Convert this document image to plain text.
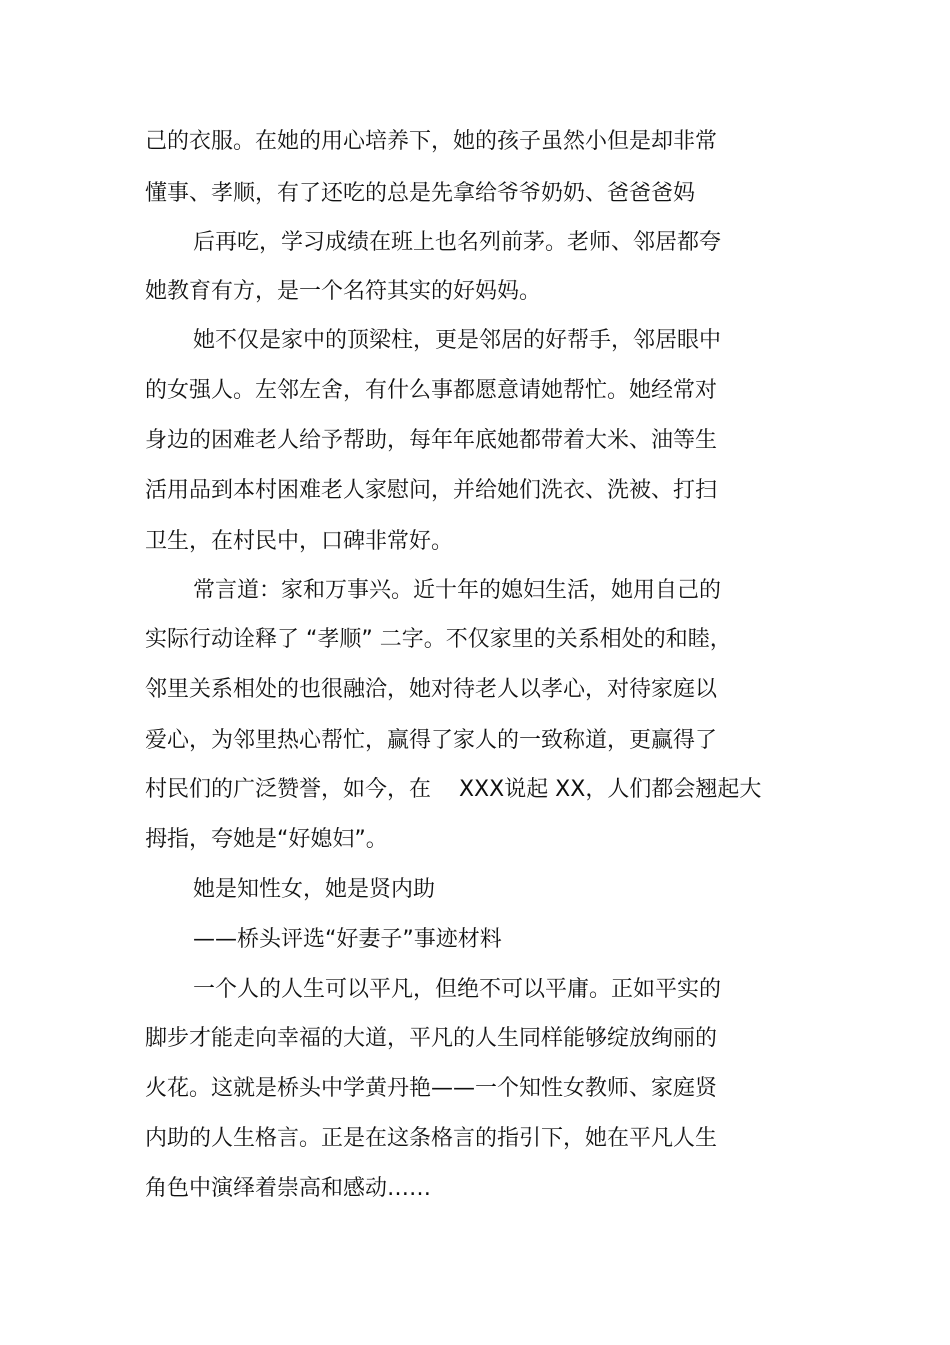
己的衣服。在她的用心培养下，她的孩子虽然小但是却非常

懂事、孝顺，有了还吃的总是先拿给爷爷奶奶、爸爸爸妈

后再吃，学习成绩在班上也名列前茅。老师、邻居都夸

她教育有方，是一个名符其实的好妈妈。

她不仅是家中的顶梁柱，更是邻居的好帮手，邻居眼中

的女强人。左邻左舍，有什么事都愿意请她帮忙。她经常对

身边的困难老人给予帮助，每年年底她都带着大米、油等生

活用品到本村困难老人家慰问，并给她们洗衣、洗被、打扫

卫生，在村民中，口碑非常好。

常言道：家和万事兴。近十年的媳妇生活，她用自己的

实际行动诠释了 “孝顺” 二字。不仅家里的关系相处的和睦，

邻里关系相处的也很融洽，她对待老人以孝心，对待家庭以

爱心，为邻里热心帮忙，赢得了家人的一致称道，更赢得了

村民们的广泛赞誉，如今，在    XXX说起 XX，人们都会翘起大

拇指，夸她是“好媳妇”。

她是知性女，她是贤内助

——桥头评选“好妻子”事迹材料

一个人的人生可以平凡，但绝不可以平庸。正如平实的

脚步才能走向幸福的大道，平凡的人生同样能够绽放绚丽的

火花。这就是桥头中学黄丹艳——一个知性女教师、家庭贤

内助的人生格言。正是在这条格言的指引下，她在平凡人生

角色中演绎着崇高和感动……
